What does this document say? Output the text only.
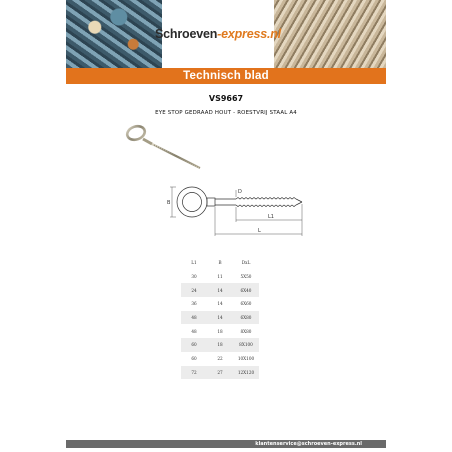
Schroeven-express.nl
Technisch blad
VS9667
EYE STOP GEDRAAD HOUT - ROESTVRIJ STAAL A4
B
D
L1
L
L1	B	DxL
30	11	5X50
24	14	6X40
36	14	6X60
48	14	6X80
48	18	8X80
60	18	8X100
60	22	10X100
72	27	12X120
klantenservice@schroeven-express.nl
